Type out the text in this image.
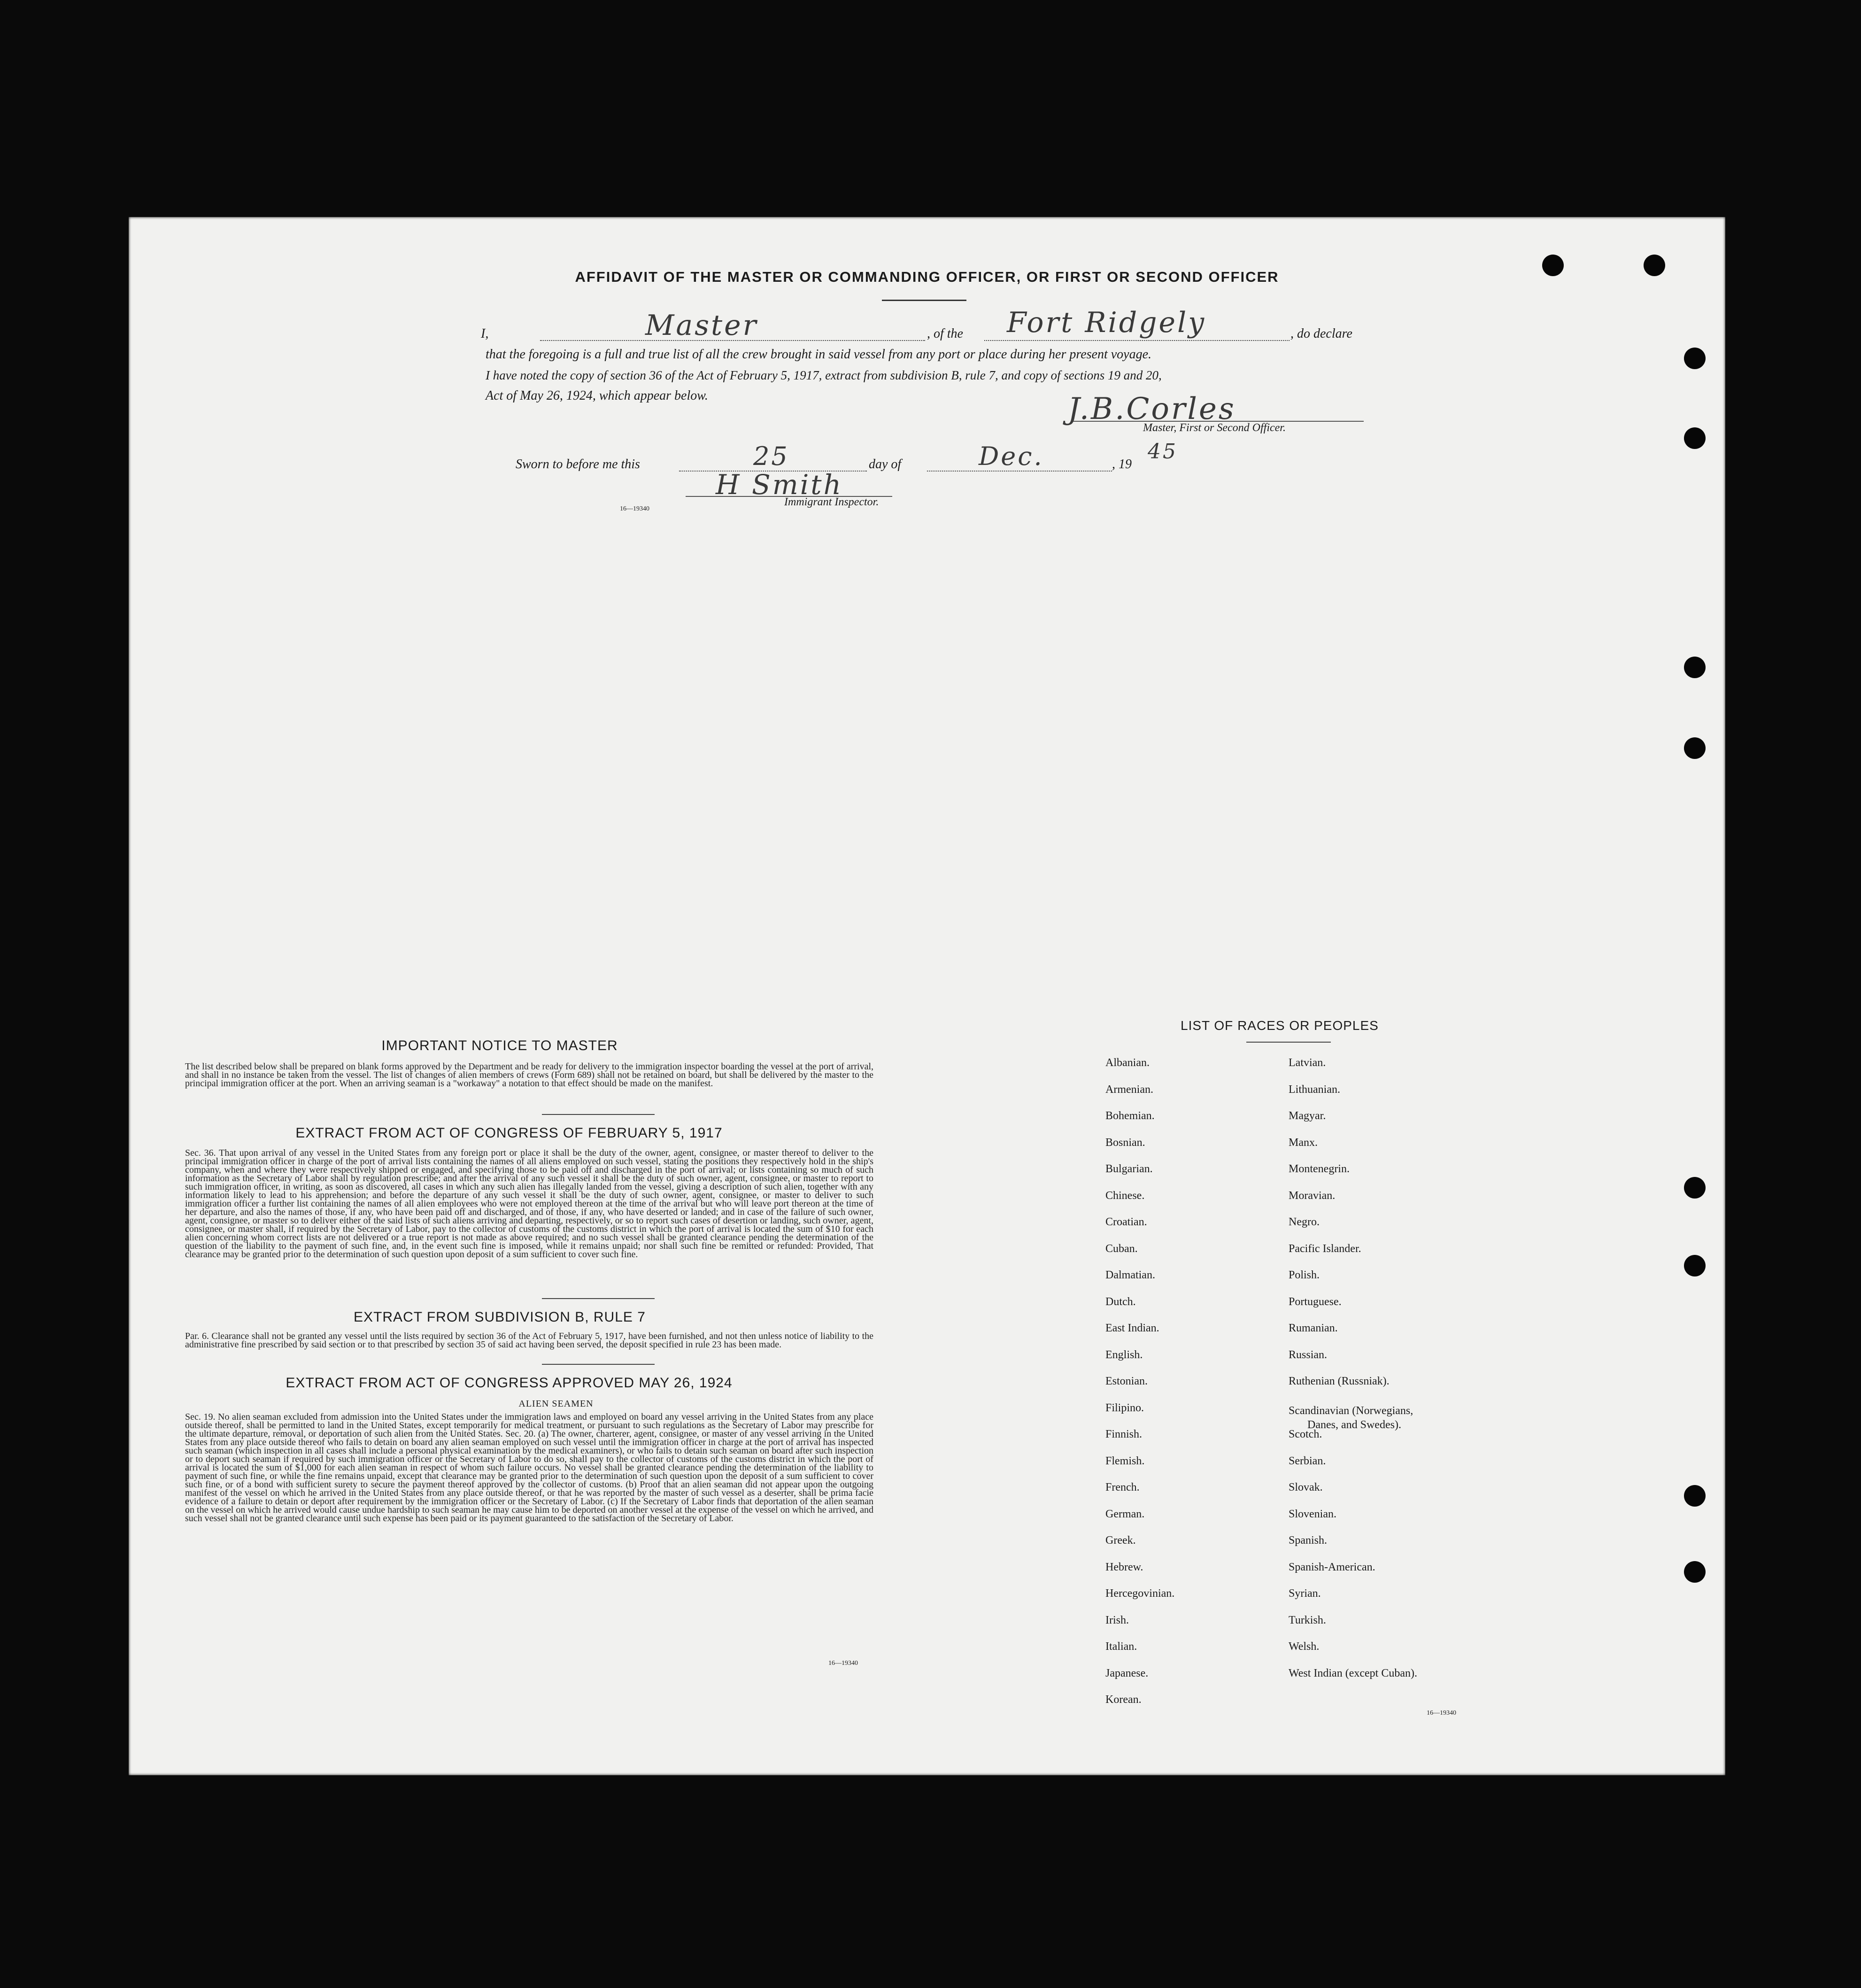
AFFIDAVIT OF THE MASTER OR COMMANDING OFFICER, OR FIRST OR SECOND OFFICER
I,	Master	, of the Fort Ridgely	, do declare
that the foregoing is a full and true list of all the crew brought in said vessel from any port or place during her present voyage.
I have noted the copy of section 36 of the Act of February 5, 1917, extract from subdivision B, rule 7, and copy of sections 19 and 20,
Act of May 26, 1924, which appear below.	J.B.Corles
Master, First or Second Officer.
Sworn to before me this	25	day of	Dec.	, 19
45
H Smith
16—19340
Immigrant Inspector.
IMPORTANT NOTICE TO MASTER
The list described below shall be prepared on blank forms approved by the Department and be ready for delivery to the immigration inspector boarding the vessel at the port of arrival, and shall in no instance be taken from the vessel. The list of changes of alien members of crews (Form 689) shall not be retained on board, but shall be delivered by the master to the principal immigration officer at the port. When an arriving seaman is a "workaway" a notation to that effect should be made on the manifest.
EXTRACT FROM ACT OF CONGRESS OF FEBRUARY 5, 1917
Sec. 36. That upon arrival of any vessel in the United States from any foreign port or place it shall be the duty of the owner, agent, consignee, or master thereof to deliver to the principal immigration officer in charge of the port of arrival lists containing the names of all aliens employed on such vessel, stating the positions they respectively hold in the ship's company, when and where they were respectively shipped or engaged, and specifying those to be paid off and discharged in the port of arrival; or lists containing so much of such information as the Secretary of Labor shall by regulation prescribe; and after the arrival of any such vessel it shall be the duty of such owner, agent, consignee, or master to report to such immigration officer, in writing, as soon as discovered, all cases in which any such alien has illegally landed from the vessel, giving a description of such alien, together with any information likely to lead to his apprehension; and before the departure of any such vessel it shall be the duty of such owner, agent, consignee, or master to deliver to such immigration officer a further list containing the names of all alien employees who were not employed thereon at the time of the arrival but who will leave port thereon at the time of her departure, and also the names of those, if any, who have been paid off and discharged, and of those, if any, who have deserted or landed; and in case of the failure of such owner, agent, consignee, or master so to deliver either of the said lists of such aliens arriving and departing, respectively, or so to report such cases of desertion or landing, such owner, agent, consignee, or master shall, if required by the Secretary of Labor, pay to the collector of customs of the customs district in which the port of arrival is located the sum of $10 for each alien concerning whom correct lists are not delivered or a true report is not made as above required; and no such vessel shall be granted clearance pending the determination of the question of the liability to the payment of such fine, and, in the event such fine is imposed, while it remains unpaid; nor shall such fine be remitted or refunded: Provided, That clearance may be granted prior to the determination of such question upon deposit of a sum sufficient to cover such fine.
EXTRACT FROM SUBDIVISION B, RULE 7
Par. 6. Clearance shall not be granted any vessel until the lists required by section 36 of the Act of February 5, 1917, have been furnished, and not then unless notice of liability to the administrative fine prescribed by said section or to that prescribed by section 35 of said act having been served, the deposit specified in rule 23 has been made.
EXTRACT FROM ACT OF CONGRESS APPROVED MAY 26, 1924
ALIEN SEAMEN
Sec. 19. No alien seaman excluded from admission into the United States under the immigration laws and employed on board any vessel arriving in the United States from any place outside thereof, shall be permitted to land in the United States, except temporarily for medical treatment, or pursuant to such regulations as the Secretary of Labor may prescribe for the ultimate departure, removal, or deportation of such alien from the United States. Sec. 20. (a) The owner, charterer, agent, consignee, or master of any vessel arriving in the United States from any place outside thereof who fails to detain on board any alien seaman employed on such vessel until the immigration officer in charge at the port of arrival has inspected such seaman (which inspection in all cases shall include a personal physical examination by the medical examiners), or who fails to detain such seaman on board after such inspection or to deport such seaman if required by such immigration officer or the Secretary of Labor to do so, shall pay to the collector of customs of the customs district in which the port of arrival is located the sum of $1,000 for each alien seaman in respect of whom such failure occurs. No vessel shall be granted clearance pending the determination of the liability to payment of such fine, or while the fine remains unpaid, except that clearance may be granted prior to the determination of such question upon the deposit of a sum sufficient to cover such fine, or of a bond with sufficient surety to secure the payment thereof approved by the collector of customs. (b) Proof that an alien seaman did not appear upon the outgoing manifest of the vessel on which he arrived in the United States from any place outside thereof, or that he was reported by the master of such vessel as a deserter, shall be prima facie evidence of a failure to detain or deport after requirement by the immigration officer or the Secretary of Labor. (c) If the Secretary of Labor finds that deportation of the alien seaman on the vessel on which he arrived would cause undue hardship to such seaman he may cause him to be deported on another vessel at the expense of the vessel on which he arrived, and such vessel shall not be granted clearance until such expense has been paid or its payment guaranteed to the satisfaction of the Secretary of Labor.
16—19340
LIST OF RACES OR PEOPLES
16—19340
Albanian.
Armenian.
Bohemian.
Bosnian.
Bulgarian.
Chinese.
Croatian.
Cuban.
Dalmatian.
Dutch.
East Indian.
English.
Estonian.
Filipino.
Finnish.
Flemish.
French.
German.
Greek.
Hebrew.
Hercegovinian.
Irish.
Italian.
Japanese.
Korean.
Latvian.
Lithuanian.
Magyar.
Manx.
Montenegrin.
Moravian.
Negro.
Pacific Islander.
Polish.
Portuguese.
Rumanian.
Russian.
Ruthenian (Russniak).
Scandinavian (Norwegians,
Danes, and Swedes).
Scotch.
Serbian.
Slovak.
Slovenian.
Spanish.
Spanish-American.
Syrian.
Turkish.
Welsh.
West Indian (except Cuban).
